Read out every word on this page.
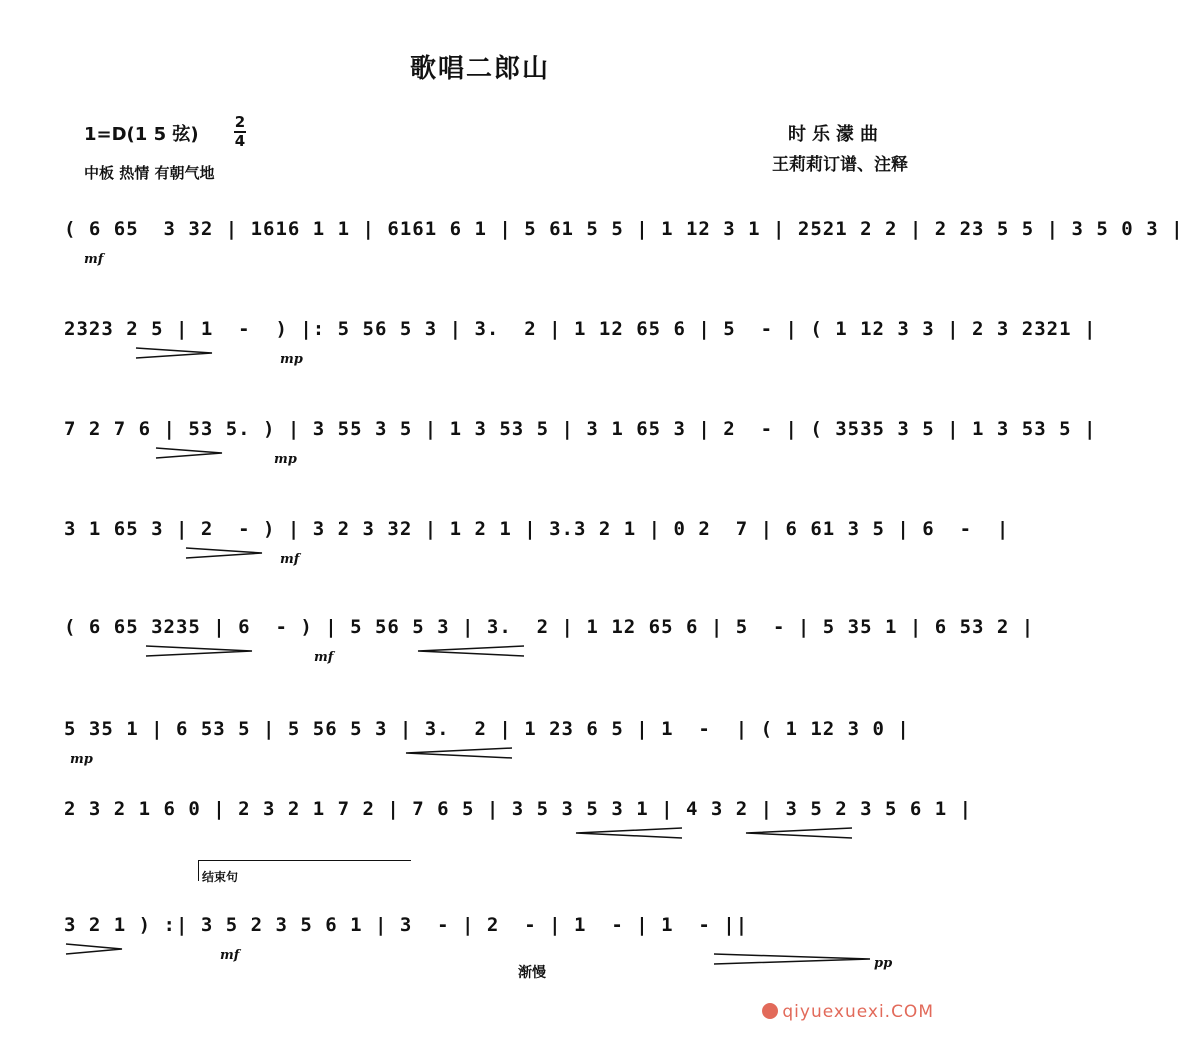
歌唱二郎山
1=D(1 5 弦)
2
4
中板 热情 有朝气地
时乐濛曲
王莉莉订谱、注释
( 6 65  3 32 | 1616 1 1 | 6161 6 1 | 5 61 5 5 | 1 12 3 1 | 2521 2 2 | 2 23 5 5 | 3 5 0 3 |
mf
2323 2 5 | 1  -  ) |: 5 56 5 3 | 3.  2 | 1 12 65 6 | 5  - | ( 1 12 3 3 | 2 3 2321 |
mp
7 2 7 6 | 53 5. ) | 3 55 3 5 | 1 3 53 5 | 3 1 65 3 | 2  - | ( 3535 3 5 | 1 3 53 5 |
mp
3 1 65 3 | 2  - ) | 3 2 3 32 | 1 2 1 | 3.3 2 1 | 0 2  7 | 6 61 3 5 | 6  -  |
mf
( 6 65 3235 | 6  - ) | 5 56 5 3 | 3.  2 | 1 12 65 6 | 5  - | 5 35 1 | 6 53 2 |
mf
5 35 1 | 6 53 5 | 5 56 5 3 | 3.  2 | 1 23 6 5 | 1  -  | ( 1 12 3 0 |
mp
2 3 2 1 6 0 | 2 3 2 1 7 2 | 7 6 5 | 3 5 3 5 3 1 | 4 3 2 | 3 5 2 3 5 6 1 |
结束句
3 2 1 ) :| 3 5 2 3 5 6 1 | 3  - | 2  - | 1  - | 1  - ||
mf
pp
渐慢
qiyuexuexi.COM
